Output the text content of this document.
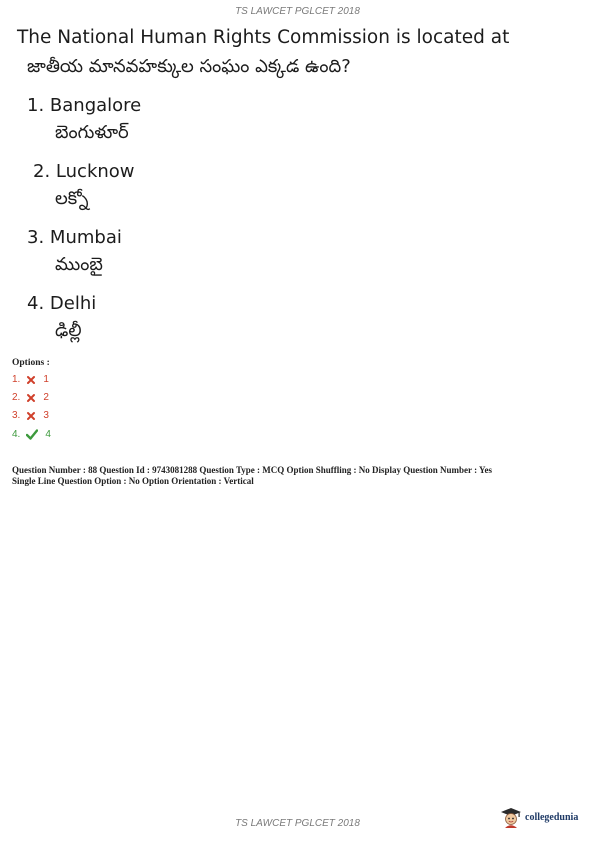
TS LAWCET PGLCET 2018
The National Human Rights Commission is located at
జాతీయ మానవహక్కుల సంఘం ఎక్కడ ఉంది?
1. Bangalore
బెంగుళూర్
2. Lucknow
లక్నో
3. Mumbai
ముంబై
4. Delhi
ఢిల్లీ
Options :
1. 1
2. 2
3. 3
4.	4
Question Number : 88 Question Id : 9743081288 Question Type : MCQ Option Shuffling : No Display Question Number : Yes
Single Line Question Option : No Option Orientation : Vertical
TS LAWCET PGLCET 2018
collegedunia
